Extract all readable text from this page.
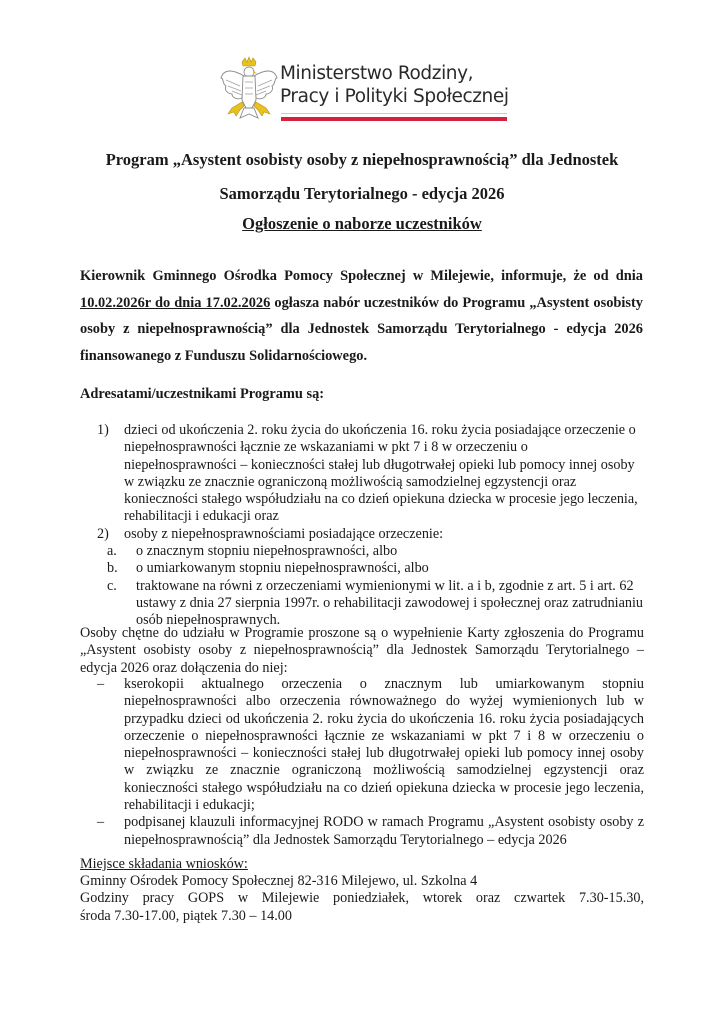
Ministerstwo Rodziny,
Pracy i Polityki Społecznej
Program „Asystent osobisty osoby z niepełnosprawnością” dla Jednostek
Samorządu Terytorialnego - edycja 2026
Ogłoszenie o naborze uczestników
Kierownik Gminnego Ośrodka Pomocy Społecznej w Milejewie, informuje, że od dnia 10.02.2026r do dnia 17.02.2026 ogłasza nabór uczestników do Programu „Asystent osobisty osoby z niepełnosprawnością” dla Jednostek Samorządu Terytorialnego - edycja 2026 finansowanego z Funduszu Solidarnościowego.
Adresatami/uczestnikami Programu są:
1) dzieci od ukończenia 2. roku życia do ukończenia 16. roku życia posiadające orzeczenie o niepełnosprawności łącznie ze wskazaniami w pkt 7 i 8 w orzeczeniu o niepełnosprawności – konieczności stałej lub długotrwałej opieki lub pomocy innej osoby w związku ze znacznie ograniczoną możliwością samodzielnej egzystencji oraz konieczności stałego współudziału na co dzień opiekuna dziecka w procesie jego leczenia, rehabilitacji i edukacji oraz
2) osoby z niepełnosprawnościami posiadające orzeczenie:
a. o znacznym stopniu niepełnosprawności, albo
b. o umiarkowanym stopniu niepełnosprawności, albo
c. traktowane na równi z orzeczeniami wymienionymi w lit. a i b, zgodnie z art. 5 i art. 62 ustawy z dnia 27 sierpnia 1997r. o rehabilitacji zawodowej i społecznej oraz zatrudnianiu osób niepełnosprawnych.
Osoby chętne do udziału w Programie proszone są o wypełnienie Karty zgłoszenia do Programu „Asystent osobisty osoby z niepełnosprawnością” dla Jednostek Samorządu Terytorialnego – edycja 2026 oraz dołączenia do niej:
– kserokopii aktualnego orzeczenia o znacznym lub umiarkowanym stopniu niepełnosprawności albo orzeczenia równoważnego do wyżej wymienionych lub w przypadku dzieci od ukończenia 2. roku życia do ukończenia 16. roku życia posiadających orzeczenie o niepełnosprawności łącznie ze wskazaniami w pkt 7 i 8 w orzeczeniu o niepełnosprawności – konieczności stałej lub długotrwałej opieki lub pomocy innej osoby w związku ze znacznie ograniczoną możliwością samodzielnej egzystencji oraz konieczności stałego współudziału na co dzień opiekuna dziecka w procesie jego leczenia, rehabilitacji i edukacji;
– podpisanej klauzuli informacyjnej RODO w ramach Programu „Asystent osobisty osoby z niepełnosprawnością” dla Jednostek Samorządu Terytorialnego – edycja 2026
Miejsce składania wniosków:
Gminny Ośrodek Pomocy Społecznej 82-316 Milejewo, ul. Szkolna 4
Godziny pracy GOPS w Milejewie poniedziałek, wtorek oraz czwartek 7.30-15.30,
środa 7.30-17.00, piątek 7.30 – 14.00
